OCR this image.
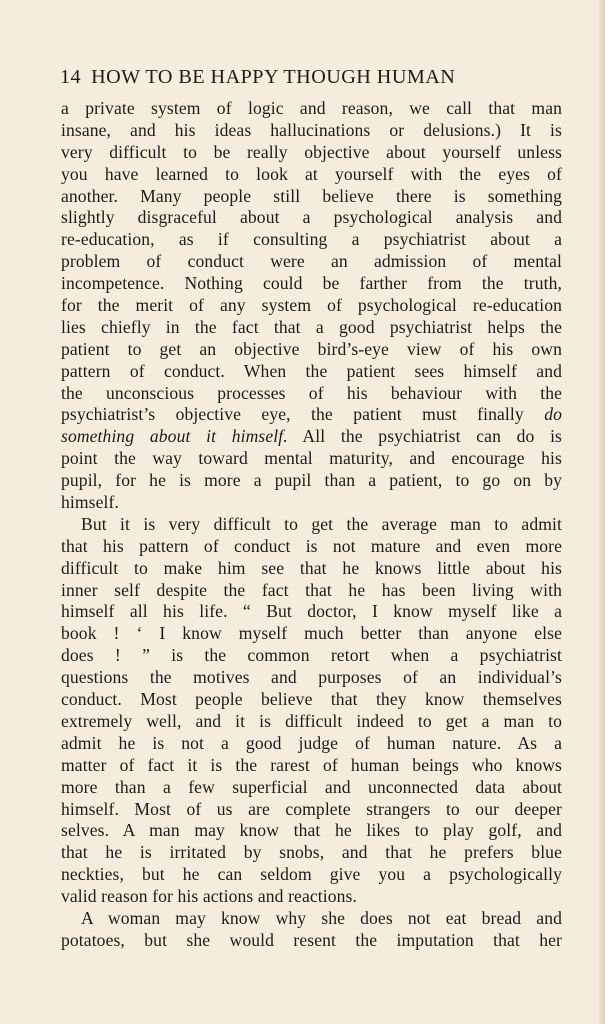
14 HOW TO BE HAPPY THOUGH HUMAN
a private system of logic and reason, we call that man
insane, and his ideas hallucinations or delusions.) It is
very difficult to be really objective about yourself unless
you have learned to look at yourself with the eyes of
another. Many people still believe there is something
slightly disgraceful about a psychological analysis and
re-education, as if consulting a psychiatrist about a
problem of conduct were an admission of mental
incompetence. Nothing could be farther from the truth,
for the merit of any system of psychological re-education
lies chiefly in the fact that a good psychiatrist helps the
patient to get an objective bird’s-eye view of his own
pattern of conduct. When the patient sees himself and
the unconscious processes of his behaviour with the
psychiatrist’s objective eye, the patient must finally do
something about it himself. All the psychiatrist can do is
point the way toward mental maturity, and encourage his
pupil, for he is more a pupil than a patient, to go on by
himself.
But it is very difficult to get the average man to admit
that his pattern of conduct is not mature and even more
difficult to make him see that he knows little about his
inner self despite the fact that he has been living with
himself all his life. “ But doctor, I know myself like a
book ! ‘ I know myself much better than anyone else
does ! ” is the common retort when a psychiatrist
questions the motives and purposes of an individual’s
conduct. Most people believe that they know themselves
extremely well, and it is difficult indeed to get a man to
admit he is not a good judge of human nature. As a
matter of fact it is the rarest of human beings who knows
more than a few superficial and unconnected data about
himself. Most of us are complete strangers to our deeper
selves. A man may know that he likes to play golf, and
that he is irritated by snobs, and that he prefers blue
neckties, but he can seldom give you a psychologically
valid reason for his actions and reactions.
A woman may know why she does not eat bread and
potatoes, but she would resent the imputation that her
